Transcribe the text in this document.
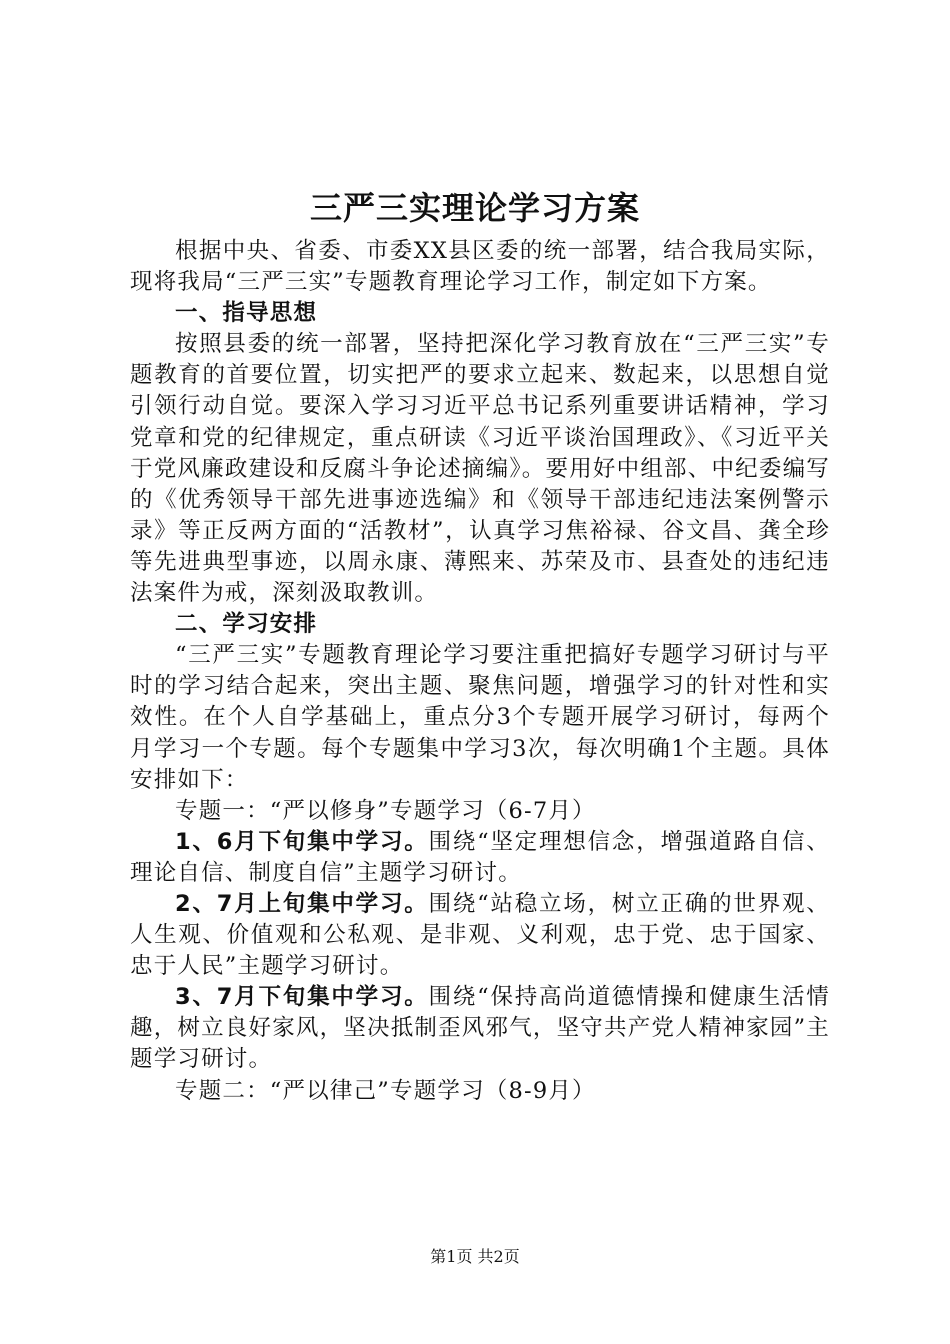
三严三实理论学习方案

根据中央、省委、市委XX县区委的统一部署，结合我局实际，现将我局“三严三实”专题教育理论学习工作，制定如下方案。

一、指导思想

按照县委的统一部署，坚持把深化学习教育放在“三严三实”专题教育的首要位置，切实把严的要求立起来、数起来，以思想自觉引领行动自觉。要深入学习习近平总书记系列重要讲话精神，学习党章和党的纪律规定，重点研读《习近平谈治国理政》、《习近平关于党风廉政建设和反腐斗争论述摘编》。要用好中组部、中纪委编写的《优秀领导干部先进事迹选编》和《领导干部违纪违法案例警示录》等正反两方面的“活教材”，认真学习焦裕禄、谷文昌、龚全珍等先进典型事迹，以周永康、薄熙来、苏荣及市、县查处的违纪违法案件为戒，深刻汲取教训。

二、学习安排

“三严三实”专题教育理论学习要注重把搞好专题学习研讨与平时的学习结合起来，突出主题、聚焦问题，增强学习的针对性和实效性。在个人自学基础上，重点分3个专题开展学习研讨，每两个月学习一个专题。每个专题集中学习3次，每次明确1个主题。具体安排如下：

专题一：“严以修身”专题学习（6-7月）

1、6月下旬集中学习。围绕“坚定理想信念，增强道路自信、理论自信、制度自信”主题学习研讨。

2、7月上旬集中学习。围绕“站稳立场，树立正确的世界观、人生观、价值观和公私观、是非观、义利观，忠于党、忠于国家、忠于人民”主题学习研讨。

3、7月下旬集中学习。围绕“保持高尚道德情操和健康生活情趣，树立良好家风，坚决抵制歪风邪气，坚守共产党人精神家园”主题学习研讨。

专题二：“严以律己”专题学习（8-9月）

第1页 共2页
